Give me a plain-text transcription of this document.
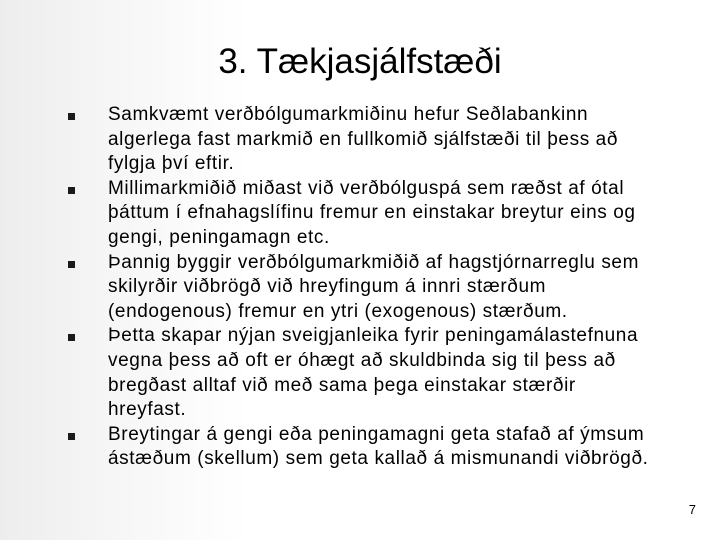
3. Tækjasjálfstæði
Samkvæmt verðbólgumarkmiðinu hefur Seðlabankinn algerlega fast markmið en fullkomið sjálfstæði til þess að fylgja því eftir.
Millimarkmiðið miðast við verðbólguspá sem ræðst af ótal þáttum í efnahagslífinu fremur en einstakar breytur eins og gengi, peningamagn etc.
Þannig byggir verðbólgumarkmiðið af hagstjórnarreglu sem skilyrðir viðbrögð við hreyfingum á innri stærðum (endogenous) fremur en ytri (exogenous) stærðum.
Þetta skapar nýjan sveigjanleika fyrir peningamálastefnuna vegna þess að oft er óhægt að skuldbinda sig til þess að bregðast alltaf við með sama þega einstakar stærðir hreyfast.
Breytingar á gengi eða peningamagni geta stafað af ýmsum ástæðum (skellum) sem geta kallað á mismunandi viðbrögð.
7
